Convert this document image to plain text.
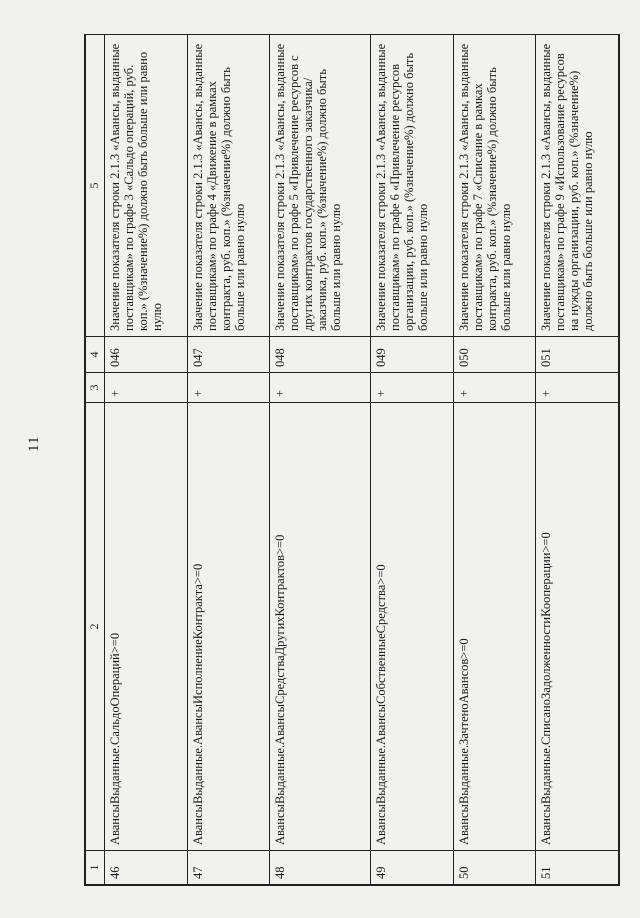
11
1	2	3	4	5
46	АвансыВыданные.СальдоОпераций>=0	+	046	Значение показателя строки 2.1.3 «Авансы, выданные поставщикам» по графе 3 «Сальдо операций, руб. коп.» (%значение%) должно быть больше или равно нулю
47	АвансыВыданные.АвансыИсполнениеКонтракта>=0	+	047	Значение показателя строки 2.1.3 «Авансы, выданные поставщикам» по графе 4 «Движение в рамках контракта, руб. коп.» (%значение%) должно быть больше или равно нулю
48	АвансыВыданные.АвансыСредстваДругихКонтрактов>=0	+	048	Значение показателя строки 2.1.3 «Авансы, выданные поставщикам» по графе 5 «Привлечение ресурсов с других контрактов государственного заказчика/заказчика, руб. коп.» (%значение%) должно быть больше или равно нулю
49	АвансыВыданные.АвансыСобственныеСредства>=0	+	049	Значение показателя строки 2.1.3 «Авансы, выданные поставщикам» по графе 6 «Привлечение ресурсов организации, руб. коп.» (%значение%) должно быть больше или равно нулю
50	АвансыВыданные.ЗачтеноАвансов>=0	+	050	Значение показателя строки 2.1.3 «Авансы, выданные поставщикам» по графе 7 «Списание в рамках контракта, руб. коп.» (%значение%) должно быть больше или равно нулю
51	АвансыВыданные.СписаноЗадолженностиКооперации>=0	+	051	Значение показателя строки 2.1.3 «Авансы, выданные поставщикам» по графе 9 «Использование ресурсов на нужды организации, руб. коп.» (%значение%) должно быть больше или равно нулю
